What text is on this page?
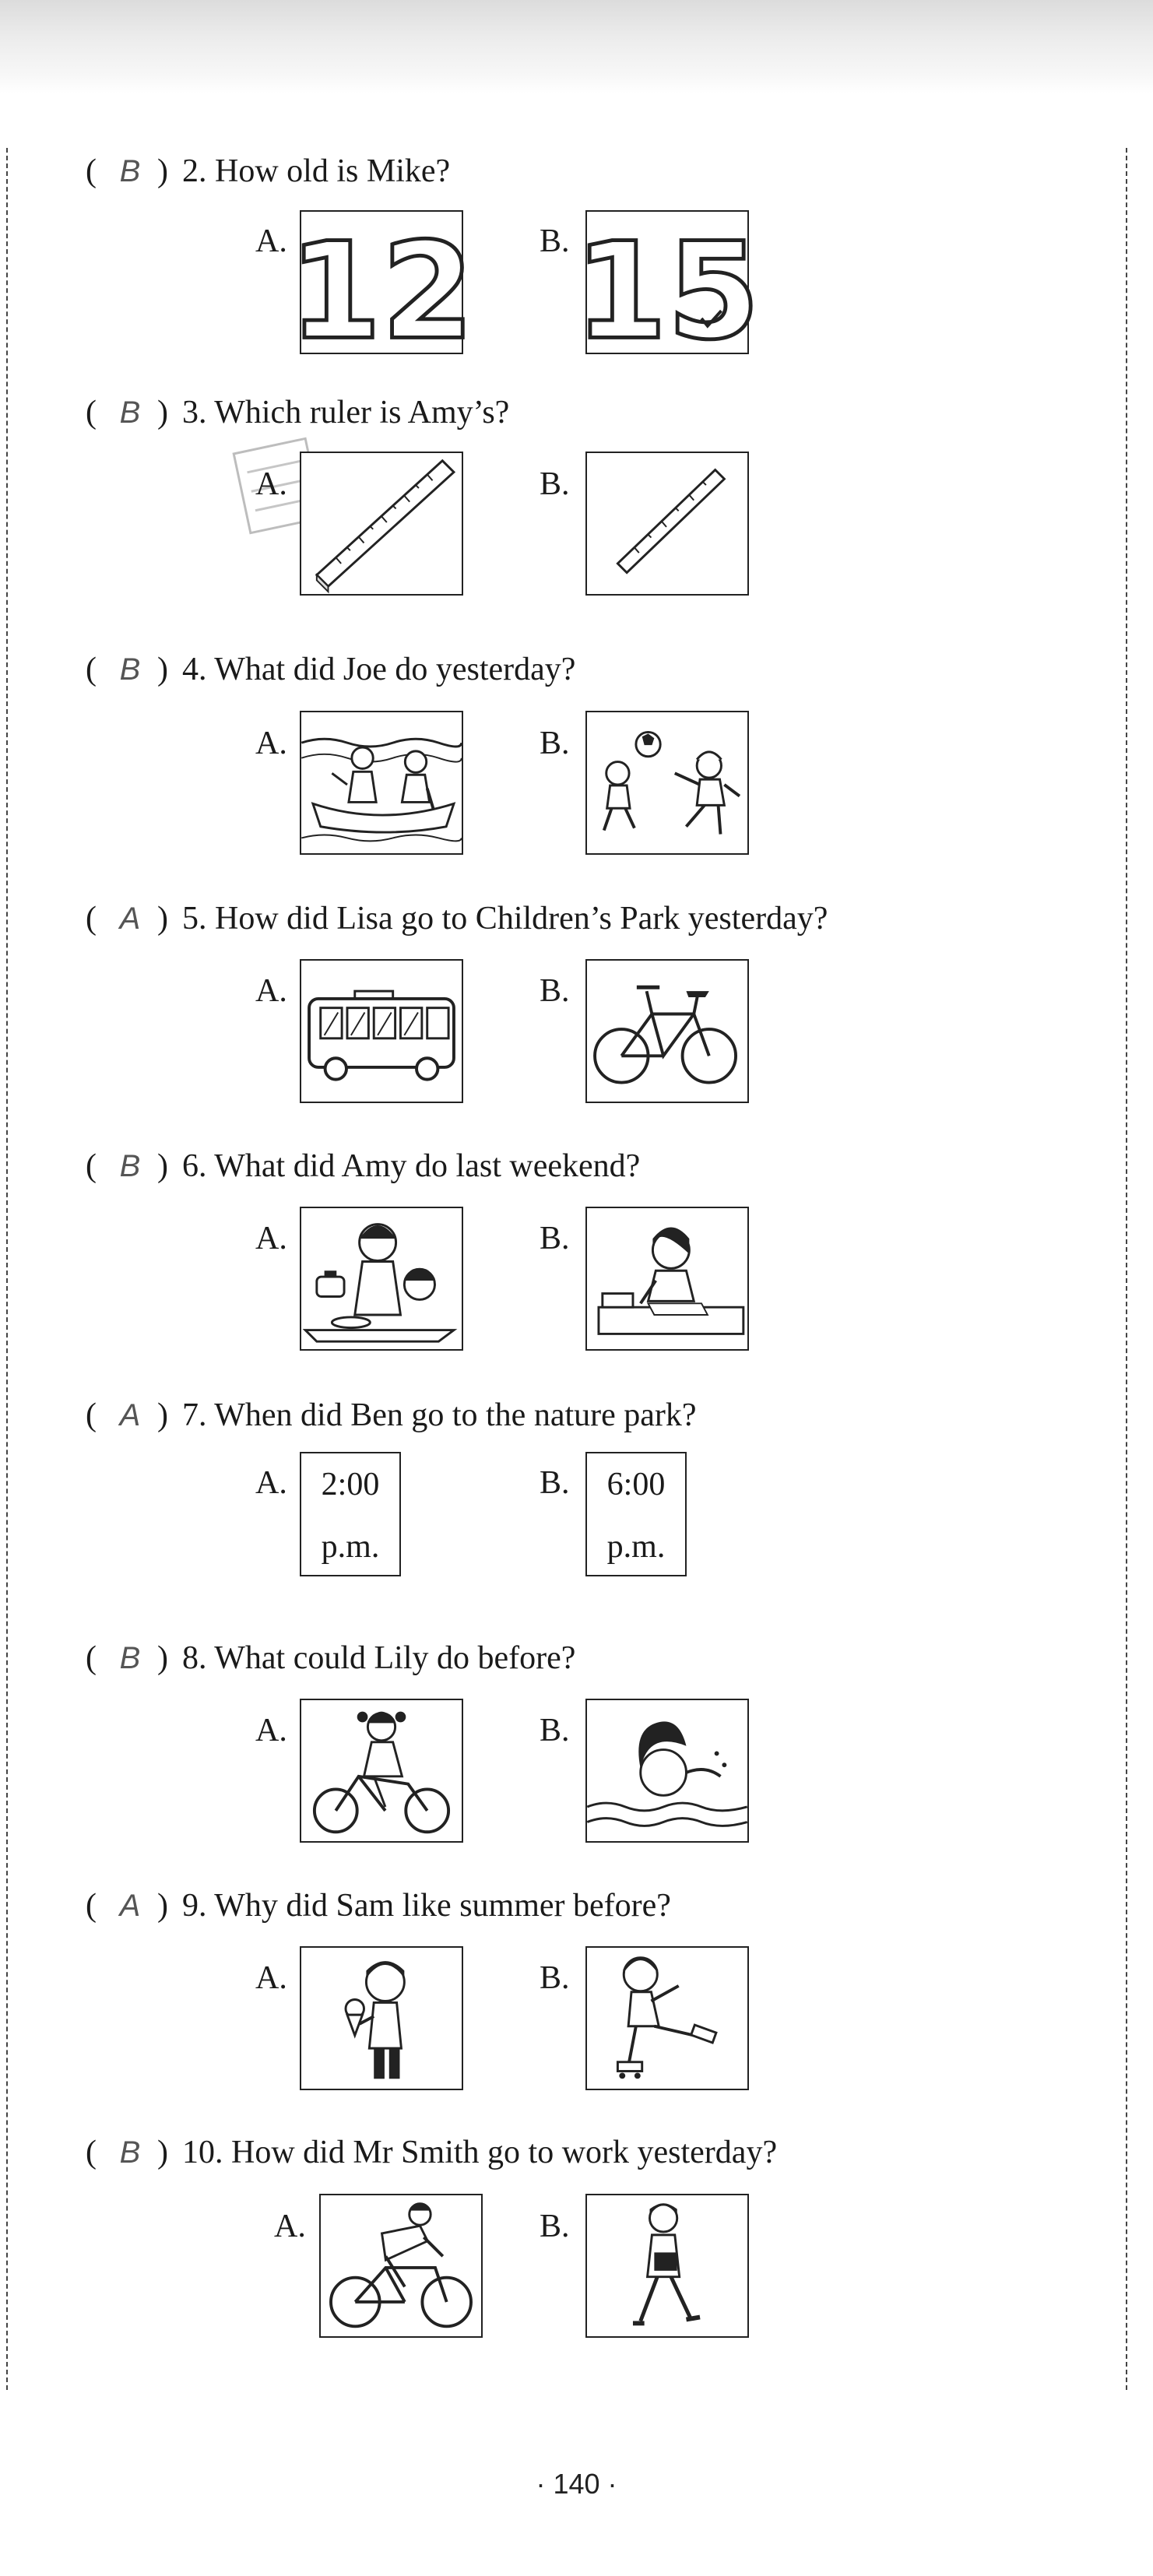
( B ) 2. How old is Mike?
A. 12 B. 15
( B ) 3. Which ruler is Amy’s?
A.	B.
( B ) 4. What did Joe do yesterday?
A.	B.
( A ) 5. How did Lisa go to Children’s Park yesterday?
A.	B.
( B ) 6. What did Amy do last weekend?
A.	B.
( A ) 7. When did Ben go to the nature park?
A.	2:00
p.m.
B.	6:00
p.m.
( B ) 8. What could Lily do before?
A.	B.
( A ) 9. Why did Sam like summer before?
A.	B.
( B ) 10. How did Mr Smith go to work yesterday?
A.	B.
· 140 ·
